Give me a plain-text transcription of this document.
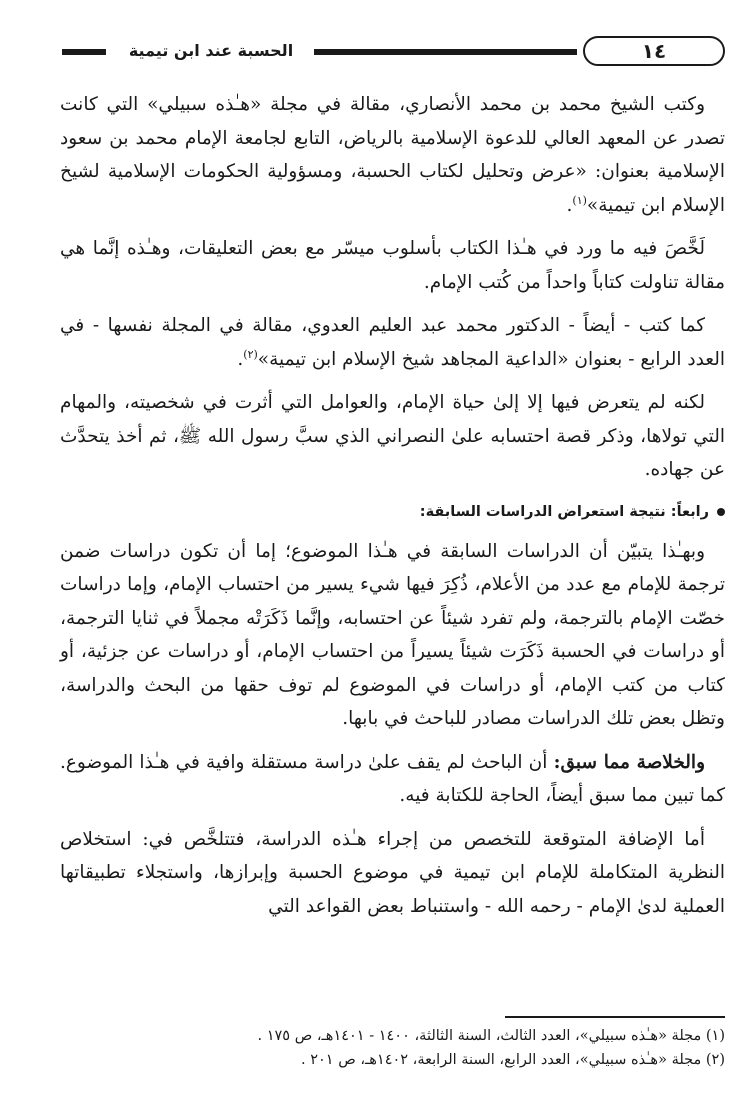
١٤
الحسبة عند ابن تيمية

وكتب الشيخ محمد بن محمد الأنصاري، مقالة في مجلة «هـٰذه سبيلي» التي كانت تصدر عن المعهد العالي للدعوة الإسلامية بالرياض، التابع لجامعة الإمام محمد بن سعود الإسلامية بعنوان: «عرض وتحليل لكتاب الحسبة، ومسؤولية الحكومات الإسلامية لشيخ الإسلام ابن تيمية»$^{(١)}$.

لَخَّصَ فيه ما ورد في هـٰذا الكتاب بأسلوب ميسّر مع بعض التعليقات، وهـٰذه إنَّما هي مقالة تناولت كتاباً واحداً من كُتب الإمام.

كما كتب - أيضاً - الدكتور محمد عبد العليم العدوي، مقالة في المجلة نفسها - في العدد الرابع - بعنوان «الداعية المجاهد شيخ الإسلام ابن تيمية»$^{(٢)}$.

لكنه لم يتعرض فيها إلا إلىٰ حياة الإمام، والعوامل التي أثرت في شخصيته، والمهام التي تولاها، وذكر قصة احتسابه علىٰ النصراني الذي سبَّ رسول الله ﷺ، ثم أخذ يتحدَّث عن جهاده.

رابعاً: نتيجة استعراض الدراسات السابقة:

وبهـٰذا يتبيّن أن الدراسات السابقة في هـٰذا الموضوع؛ إما أن تكون دراسات ضمن ترجمة للإمام مع عدد من الأعلام، ذُكِرَ فيها شيء يسير من احتساب الإمام، وإما دراسات خصّت الإمام بالترجمة، ولم تفرد شيئاً عن احتسابه، وإنَّما ذَكَرَتْه مجملاً في ثنايا الترجمة، أو دراسات في الحسبة ذَكَرَت شيئاً يسيراً من احتساب الإمام، أو دراسات عن جزئية، أو كتاب من كتب الإمام، أو دراسات في الموضوع لم توف حقها من البحث والدراسة، وتظل بعض تلك الدراسات مصادر للباحث في بابها.

والخلاصة مما سبق: أن الباحث لم يقف علىٰ دراسة مستقلة وافية في هـٰذا الموضوع. كما تبين مما سبق أيضاً، الحاجة للكتابة فيه.

أما الإضافة المتوقعة للتخصص من إجراء هـٰذه الدراسة، فتتلخَّص في: استخلاص النظرية المتكاملة للإمام ابن تيمية في موضوع الحسبة وإبرازها، واستجلاء تطبيقاتها العملية لدىٰ الإمام - رحمه الله - واستنباط بعض القواعد التي

(١) مجلة «هـٰذه سبيلي»، العدد الثالث، السنة الثالثة، ١٤٠٠ - ١٤٠١هـ، ص ١٧٥ .
(٢) مجلة «هـٰذه سبيلي»، العدد الرابع، السنة الرابعة، ١٤٠٢هـ، ص ٢٠١ .
